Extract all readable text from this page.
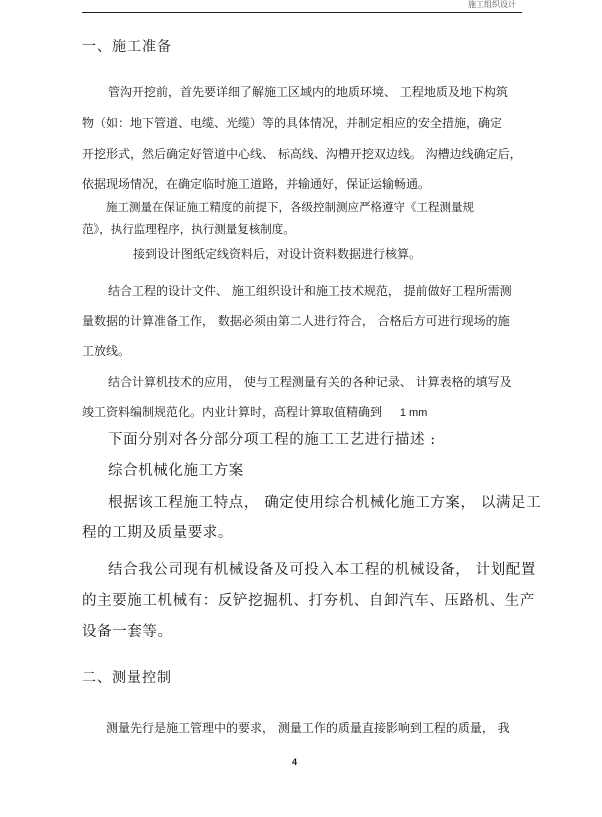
施工组织设计
一、施工准备
管沟开挖前，首先要详细了解施工区域内的地质环境、 工程地质及地下构筑
物（如：地下管道、电缆、光缆）等的具体情况，并制定相应的安全措施，确定
开挖形式，然后确定好管道中心线、 标高线、沟槽开挖双边线。 沟槽边线确定后，
依据现场情况，在确定临时施工道路，并输通好，保证运输畅通。
施工测量在保证施工精度的前提下，各级控制测应严格遵守《工程测量规
范》，执行监理程序，执行测量复核制度。
接到设计图纸定线资料后，对设计资料数据进行核算。
结合工程的设计文件、 施工组织设计和施工技术规范， 提前做好工程所需测
量数据的计算准备工作， 数据必须由第二人进行符合， 合格后方可进行现场的施
工放线。
结合计算机技术的应用， 使与工程测量有关的各种记录、 计算表格的填写及
竣工资料编制规范化。内业计算时，高程计算取值精确到 1 mm
下面分别对各分部分项工程的施工工艺进行描述 :
综合机械化施工方案
根据该工程施工特点， 确定使用综合机械化施工方案， 以满足工
程的工期及质量要求。
结合我公司现有机械设备及可投入本工程的机械设备， 计划配置
的主要施工机械有：反铲挖掘机、打夯机、自卸汽车、压路机、生产
设备一套等。
二、测量控制
测量先行是施工管理中的要求， 测量工作的质量直接影响到工程的质量， 我
4
